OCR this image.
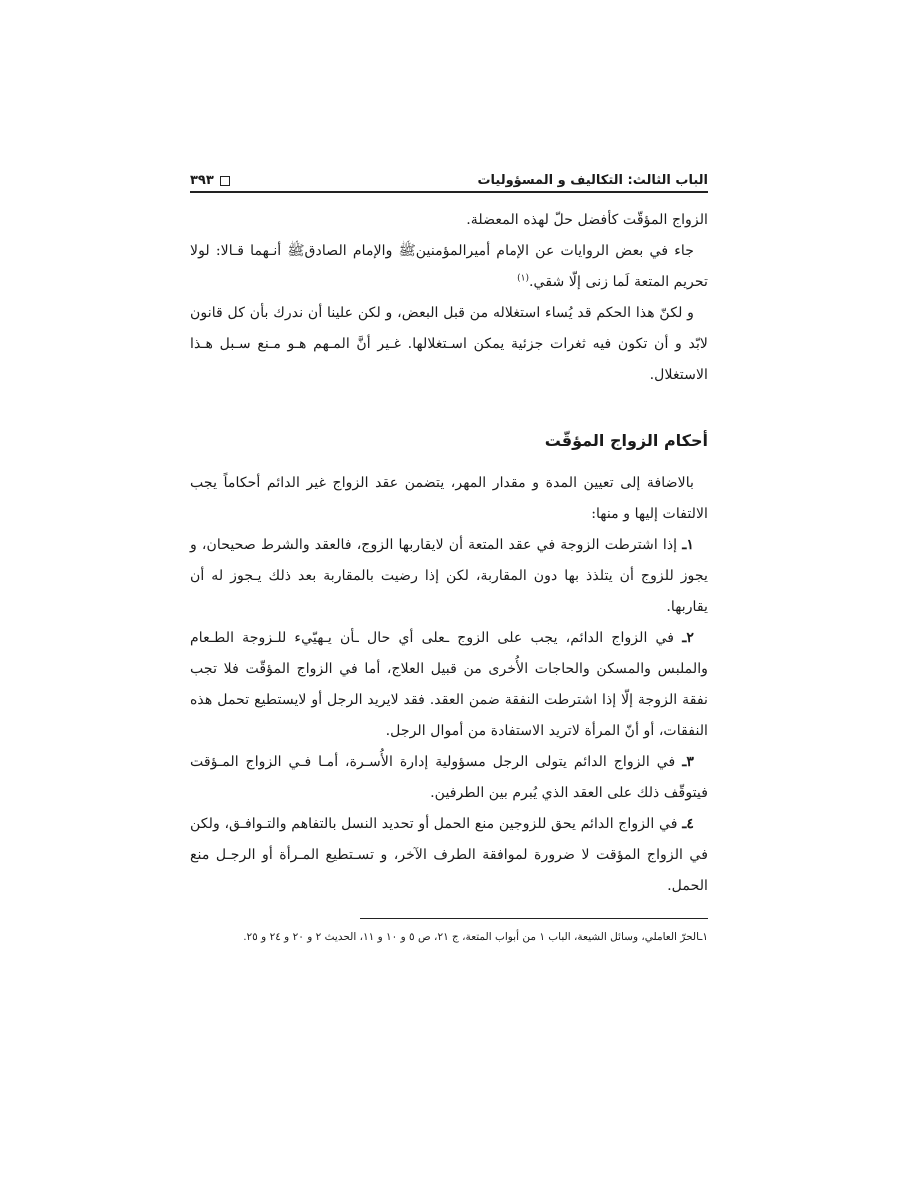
الباب الثالث: التكاليف و المسؤوليات
٣٩٣

الزواج المؤقّت كأفضل حلّ لهذه المعضلة.

جاء في بعض الروايات عن الإمام أميرالمؤمنين‎ﷺ والإمام الصادق‎ﷺ أنـهما قـالا: لولا تحريم المتعة لَما زنى إلّا شقي.$^{(١)}$

و لكنّ هذا الحكم قد يُساء استغلاله من قبل البعض، و لكن علينا أن ندرك بأن كل قانون لابّد و أن تكون فيه ثغرات جزئية يمكن اسـتغلالها. غـير أنَّ المـهم هـو مـنع سـبل هـذا الاستغلال.

أحكام الزواج المؤقّت

بالاضافة إلى تعيين المدة و مقدار المهر، يتضمن عقد الزواج غير الدائم أحكاماً يجب الالتفات إليها و منها:

١ـ إذا اشترطت الزوجة في عقد المتعة أن لايقاربها الزوج، فالعقد والشرط صحيحان، و يجوز للزوج أن يتلذذ بها دون المقاربة، لكن إذا رضيت بالمقاربة بعد ذلك يـجوز له أن يقاربها.

٢ـ في الزواج الدائم، يجب على الزوج ـعلى أي حال ـأن يـهيّيء للـزوجة الطـعام والملبس والمسكن والحاجات الأُخرى من قبيل العلاج، أما في الزواج المؤقّت فلا تجب نفقة الزوجة إلّا إذا اشترطت النفقة ضمن العقد. فقد لايريد الرجل أو لايستطيع تحمل هذه النفقات، أو أنّ المرأة لاتريد الاستفادة من أموال الرجل.

٣ـ في الزواج الدائم يتولى الرجل مسؤولية إدارة الأُسـرة، أمـا فـي الزواج المـؤقت فيتوقّف ذلك على العقد الذي يُبرم بين الطرفين.

٤ـ في الزواج الدائم يحق للزوجين منع الحمل أو تحديد النسل بالتفاهم والتـوافـق، ولكن في الزواج المؤقت لا ضرورة لموافقة الطرف الآخر، و تسـتطيع المـرأة أو الرجـل منع الحمل.

١ـالحرّ العاملي، وسائل الشيعة، الباب ١ من أبواب المتعة، ج ٢١، ص ٥ و ١٠ و ١١، الحديث ٢ و ٢٠ و ٢٤ و ٢٥.
